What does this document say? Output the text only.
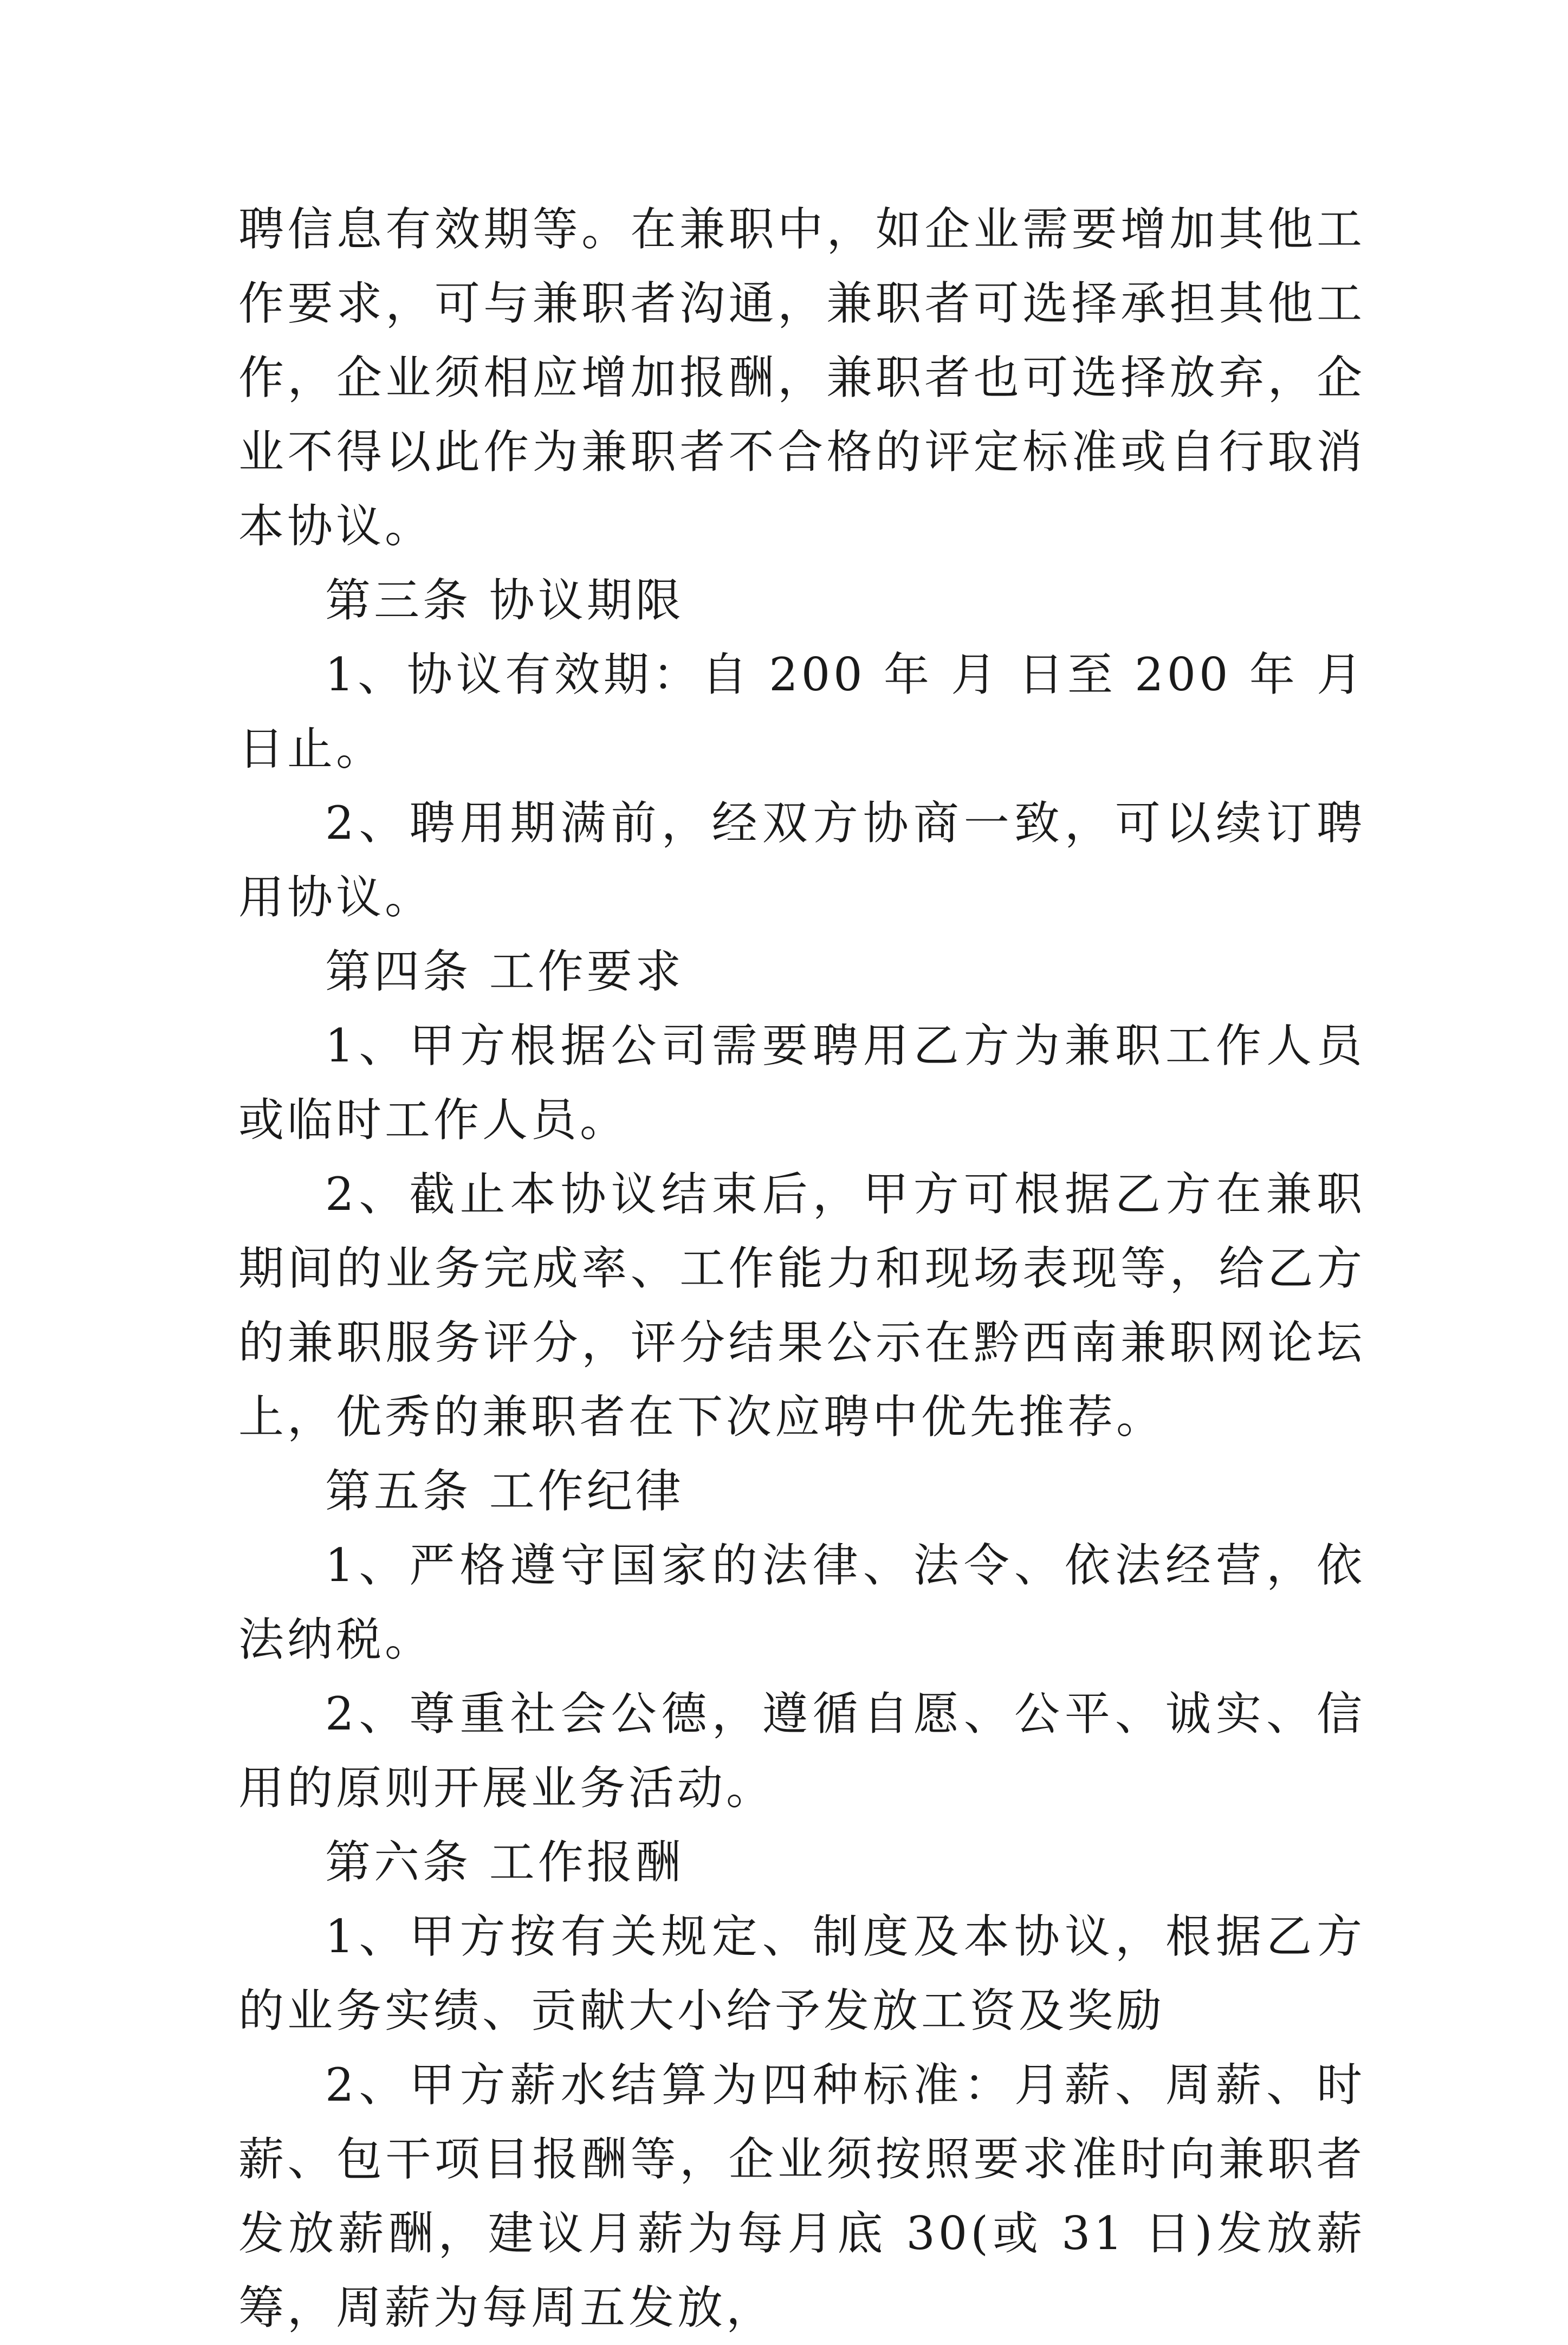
聘信息有效期等。在兼职中，如企业需要增加其他工作要求，可与兼职者沟通，兼职者可选择承担其他工作，企业须相应增加报酬，兼职者也可选择放弃，企业不得以此作为兼职者不合格的评定标准或自行取消本协议。

第三条 协议期限

1、协议有效期：自 200 年 月 日至 200 年 月 日止。

2、聘用期满前，经双方协商一致，可以续订聘用协议。

第四条 工作要求

1、甲方根据公司需要聘用乙方为兼职工作人员或临时工作人员。

2、截止本协议结束后，甲方可根据乙方在兼职期间的业务完成率、工作能力和现场表现等，给乙方的兼职服务评分，评分结果公示在黔西南兼职网论坛上，优秀的兼职者在下次应聘中优先推荐。

第五条 工作纪律

1、严格遵守国家的法律、法令、依法经营，依法纳税。

2、尊重社会公德，遵循自愿、公平、诚实、信用的原则开展业务活动。

第六条 工作报酬

1、甲方按有关规定、制度及本协议，根据乙方的业务实绩、贡献大小给予发放工资及奖励

2、甲方薪水结算为四种标准：月薪、周薪、时薪、包干项目报酬等，企业须按照要求准时向兼职者发放薪酬，建议月薪为每月底 30(或 31 日)发放薪筹，周薪为每周五发放，
